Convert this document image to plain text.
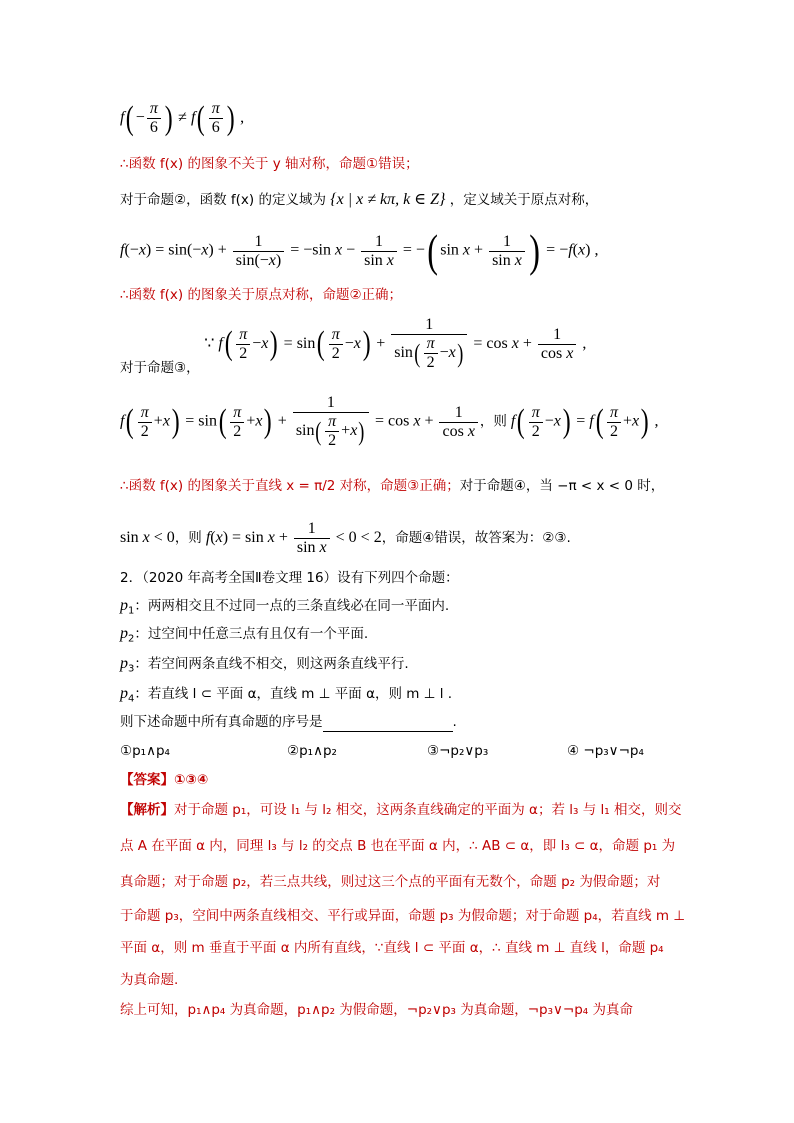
$f( - \frac{\pi}{6}$ ) ≠ $f( \frac{\pi}{6}$ ) ,
∴函数 f(x) 的图象不关于 y 轴对称，命题①错误；
对于命题②，函数 f(x) 的定义域为 {x | x ≠ kπ, k ∈ Z} ，定义域关于原点对称，
$f(-x) = \sin(-x) + \frac{1}{\sin(-x)} = -\sin$ $x - \frac{1}{\text{sin x}}$ = −( $\sin x + \frac{1}{\text{sin x}}$ ) = −f(x) ,
∴函数 f(x) 的图象关于原点对称，命题②正确；
对于命题③， ∵ $f( \frac{\pi}{2} -x) = \sin( \frac{\pi}{2} -x) + \frac{1}{\sin( \frac{\pi}{2} -x)} = \cos x + \frac{1}{\text{cos x}}$ ,
$f( \frac{\pi}{2} +x) = \sin( \frac{\pi}{2} +x) + \frac{1}{\sin( \frac{\pi}{2} +x)} = \cos x + \frac{1}{\text{cos x}}$ ，则 $f( \frac{\pi}{2} -x) = f( \frac{\pi}{2} +x)$ ,
∴函数 f(x) 的图象关于直线 x = π/2 对称，命题③正确；对于命题④，当 −π < x < 0 时，
sin x < 0，则 $f(x) = \sin x + \frac{1}{\text{sin x}} < 0 < 2$，命题④错误，故答案为：②③.
2．（2020 年高考全国Ⅱ卷文理 16）设有下列四个命题：
$p_1$：两两相交且不过同一点的三条直线必在同一平面内.
$p_2$：过空间中任意三点有且仅有一个平面.
$p_3$：若空间两条直线不相交，则这两条直线平行.
$p_4$：若直线 l ⊂ 平面 α，直线 m ⊥ 平面 α，则 m ⊥ l .
则下述命题中所有真命题的序号是	.
①p₁∧p₄	②p₁∧p₂	③¬p₂∨p₃	④ ¬p₃∨¬p₄
【答案】①③④
【解析】对于命题 p₁，可设 l₁ 与 l₂ 相交，这两条直线确定的平面为 α；若 l₃ 与 l₁ 相交，则交
点 A 在平面 α 内，同理 l₃ 与 l₂ 的交点 B 也在平面 α 内，∴ AB ⊂ α，即 l₃ ⊂ α，命题 p₁ 为
真命题；对于命题 p₂，若三点共线，则过这三个点的平面有无数个，命题 p₂ 为假命题；对
于命题 p₃，空间中两条直线相交、平行或异面，命题 p₃ 为假命题；对于命题 p₄，若直线 m ⊥
平面 α，则 m 垂直于平面 α 内所有直线，∵直线 l ⊂ 平面 α，∴ 直线 m ⊥ 直线 l，命题 p₄
为真命题.
综上可知，p₁∧p₄ 为真命题，p₁∧p₂ 为假命题，¬p₂∨p₃ 为真命题，¬p₃∨¬p₄ 为真命
